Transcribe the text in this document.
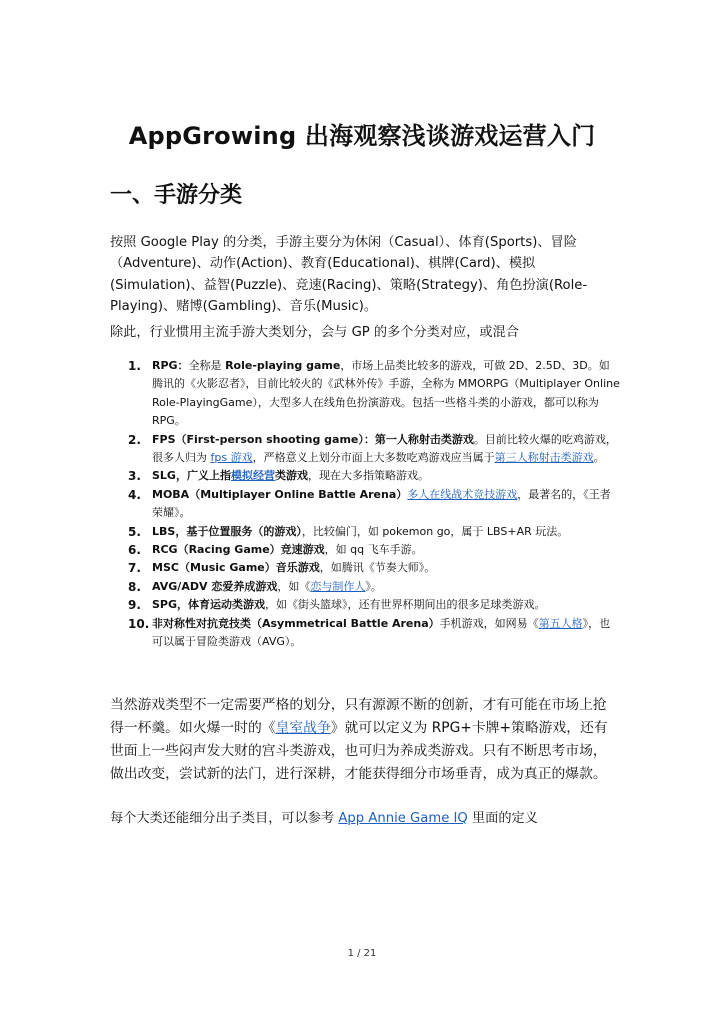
AppGrowing 出海观察浅谈游戏运营入门
一、手游分类
按照 Google Play 的分类，手游主要分为休闲（Casual）、体育(Sports)、冒险（Adventure)、动作(Action)、教育(Educational)、棋牌(Card)、模拟(Simulation)、益智(Puzzle)、竞速(Racing)、策略(Strategy)、角色扮演(Role-Playing)、赌博(Gambling)、音乐(Music)。
除此，行业惯用主流手游大类划分，会与 GP 的多个分类对应，或混合
1. RPG：全称是 Role-playing game，市场上品类比较多的游戏，可做 2D、2.5D、3D。如腾讯的《火影忍者》，目前比较火的《武林外传》手游，全称为 MMORPG（Multiplayer Online Role-PlayingGame），大型多人在线角色扮演游戏。包括一些格斗类的小游戏，都可以称为 RPG。
2. FPS（First-person shooting game）：第一人称射击类游戏。目前比较火爆的吃鸡游戏，很多人归为 fps 游戏，严格意义上划分市面上大多数吃鸡游戏应当属于第三人称射击类游戏。
3. SLG，广义上指模拟经营类游戏，现在大多指策略游戏。
4. MOBA（Multiplayer Online Battle Arena）多人在线战术竞技游戏，最著名的，《王者荣耀》。
5. LBS，基于位置服务（的游戏），比较偏门，如 pokemon go，属于 LBS+AR 玩法。
6. RCG（Racing Game）竞速游戏，如 qq 飞车手游。
7. MSC（Music Game）音乐游戏，如腾讯《节奏大师》。
8. AVG/ADV 恋爱养成游戏，如《恋与制作人》。
9. SPG，体育运动类游戏，如《街头篮球》，还有世界杯期间出的很多足球类游戏。
10. 非对称性对抗竞技类（Asymmetrical Battle Arena）手机游戏，如网易《第五人格》，也可以属于冒险类游戏（AVG）。
当然游戏类型不一定需要严格的划分，只有源源不断的创新，才有可能在市场上抢得一杯羹。如火爆一时的《皇室战争》就可以定义为 RPG+卡牌+策略游戏，还有世面上一些闷声发大财的宫斗类游戏，也可归为养成类游戏。只有不断思考市场，做出改变，尝试新的法门，进行深耕，才能获得细分市场垂青，成为真正的爆款。
每个大类还能细分出子类目，可以参考 App Annie Game IQ 里面的定义
1 / 21
